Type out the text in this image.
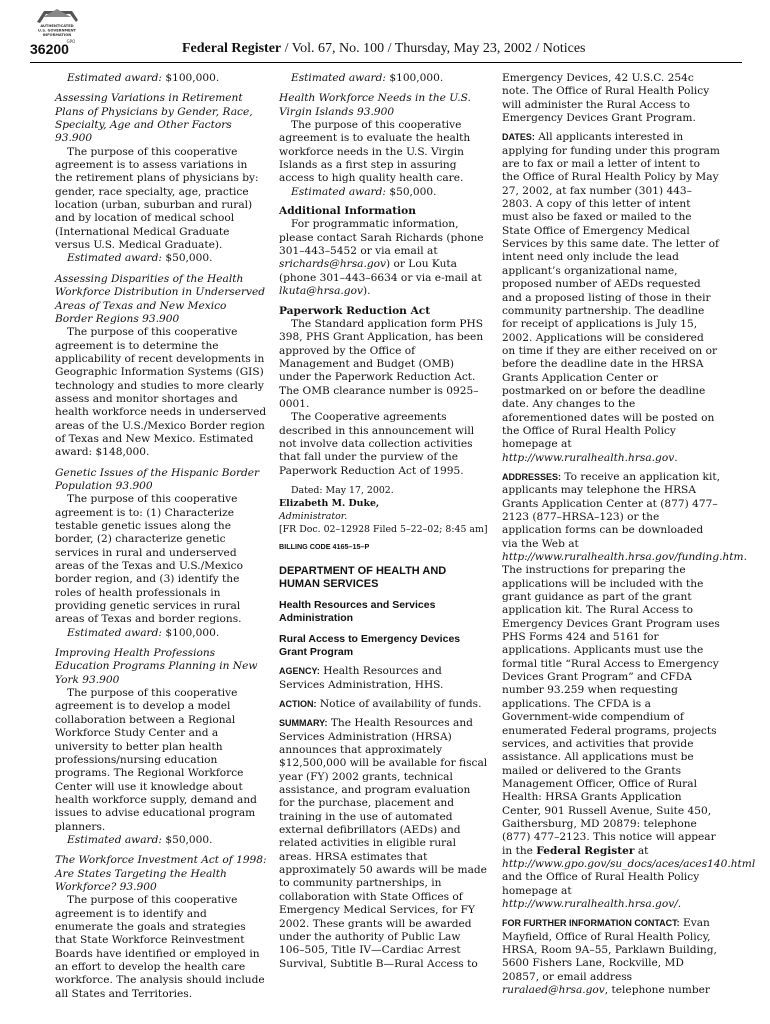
AUTHENTICATED
U.S. GOVERNMENT
INFORMATION
GPO
36200	Federal Register / Vol. 67, No. 100 / Thursday, May 23, 2002 / Notices

Estimated award: $100,000.

Assessing Variations in Retirement Plans of Physicians by Gender, Race, Specialty, Age and Other Factors 93.900

The purpose of this cooperative agreement is to assess variations in the retirement plans of physicians by: gender, race specialty, age, practice location (urban, suburban and rural) and by location of medical school (International Medical Graduate versus U.S. Medical Graduate).

Estimated award: $50,000.

Assessing Disparities of the Health Workforce Distribution in Underserved Areas of Texas and New Mexico Border Regions 93.900

The purpose of this cooperative agreement is to determine the applicability of recent developments in Geographic Information Systems (GIS) technology and studies to more clearly assess and monitor shortages and health workforce needs in underserved areas of the U.S./Mexico Border region of Texas and New Mexico. Estimated award: $148,000.

Genetic Issues of the Hispanic Border Population 93.900

The purpose of this cooperative agreement is to: (1) Characterize testable genetic issues along the border, (2) characterize genetic services in rural and underserved areas of the Texas and U.S./Mexico border region, and (3) identify the roles of health professionals in providing genetic services in rural areas of Texas and border regions.

Estimated award: $100,000.

Improving Health Professions Education Programs Planning in New York 93.900

The purpose of this cooperative agreement is to develop a model collaboration between a Regional Workforce Study Center and a university to better plan health professions/nursing education programs. The Regional Workforce Center will use it knowledge about health workforce supply, demand and issues to advise educational program planners.

Estimated award: $50,000.

The Workforce Investment Act of 1998: Are States Targeting the Health Workforce? 93.900

The purpose of this cooperative agreement is to identify and enumerate the goals and strategies that State Workforce Reinvestment Boards have identified or employed in an effort to develop the health care workforce. The analysis should include all States and Territories.

Estimated award: $100,000.

Health Workforce Needs in the U.S. Virgin Islands 93.900

The purpose of this cooperative agreement is to evaluate the health workforce needs in the U.S. Virgin Islands as a first step in assuring access to high quality health care.

Estimated award: $50,000.

Additional Information

For programmatic information, please contact Sarah Richards (phone 301–443–5452 or via email at srichards@hrsa.gov) or Lou Kuta (phone 301–443–6634 or via e-mail at lkuta@hrsa.gov).

Paperwork Reduction Act

The Standard application form PHS 398, PHS Grant Application, has been approved by the Office of Management and Budget (OMB) under the Paperwork Reduction Act. The OMB clearance number is 0925–0001.

The Cooperative agreements described in this announcement will not involve data collection activities that fall under the purview of the Paperwork Reduction Act of 1995.

Dated: May 17, 2002.

Elizabeth M. Duke,

Administrator.

[FR Doc. 02–12928 Filed 5–22–02; 8:45 am]

BILLING CODE 4165–15–P

DEPARTMENT OF HEALTH AND HUMAN SERVICES

Health Resources and Services Administration

Rural Access to Emergency Devices Grant Program

AGENCY: Health Resources and Services Administration, HHS.

ACTION: Notice of availability of funds.

SUMMARY: The Health Resources and Services Administration (HRSA) announces that approximately $12,500,000 will be available for fiscal year (FY) 2002 grants, technical assistance, and program evaluation for the purchase, placement and training in the use of automated external defibrillators (AEDs) and related activities in eligible rural areas. HRSA estimates that approximately 50 awards will be made to community partnerships, in collaboration with State Offices of Emergency Medical Services, for FY 2002. These grants will be awarded under the authority of Public Law 106–505, Title IV—Cardiac Arrest Survival, Subtitle B—Rural Access to

Emergency Devices, 42 U.S.C. 254c note. The Office of Rural Health Policy will administer the Rural Access to Emergency Devices Grant Program.

DATES: All applicants interested in applying for funding under this program are to fax or mail a letter of intent to the Office of Rural Health Policy by May 27, 2002, at fax number (301) 443–2803. A copy of this letter of intent must also be faxed or mailed to the State Office of Emergency Medical Services by this same date. The letter of intent need only include the lead applicant’s organizational name, proposed number of AEDs requested and a proposed listing of those in their community partnership. The deadline for receipt of applications is July 15, 2002. Applications will be considered on time if they are either received on or before the deadline date in the HRSA Grants Application Center or postmarked on or before the deadline date. Any changes to the aforementioned dates will be posted on the Office of Rural Health Policy homepage at http://www.ruralhealth.hrsa.gov.

ADDRESSES: To receive an application kit, applicants may telephone the HRSA Grants Application Center at (877) 477–2123 (877–HRSA–123) or the application forms can be downloaded via the Web at http://www.ruralhealth.hrsa.gov/funding.htm. The instructions for preparing the applications will be included with the grant guidance as part of the grant application kit. The Rural Access to Emergency Devices Grant Program uses PHS Forms 424 and 5161 for applications. Applicants must use the formal title “Rural Access to Emergency Devices Grant Program” and CFDA number 93.259 when requesting applications. The CFDA is a Government-wide compendium of enumerated Federal programs, projects services, and activities that provide assistance. All applications must be mailed or delivered to the Grants Management Officer, Office of Rural Health: HRSA Grants Application Center, 901 Russell Avenue, Suite 450, Gaithersburg, MD 20879: telephone (877) 477–2123. This notice will appear in the Federal Register at http://www.gpo.gov/su_docs/aces/aces140.html and the Office of Rural Health Policy homepage at http://www.ruralhealth.hrsa.gov/.

FOR FURTHER INFORMATION CONTACT: Evan Mayfield, Office of Rural Health Policy, HRSA, Room 9A–55, Parklawn Building, 5600 Fishers Lane, Rockville, MD 20857, or email address ruralaed@hrsa.gov, telephone number
